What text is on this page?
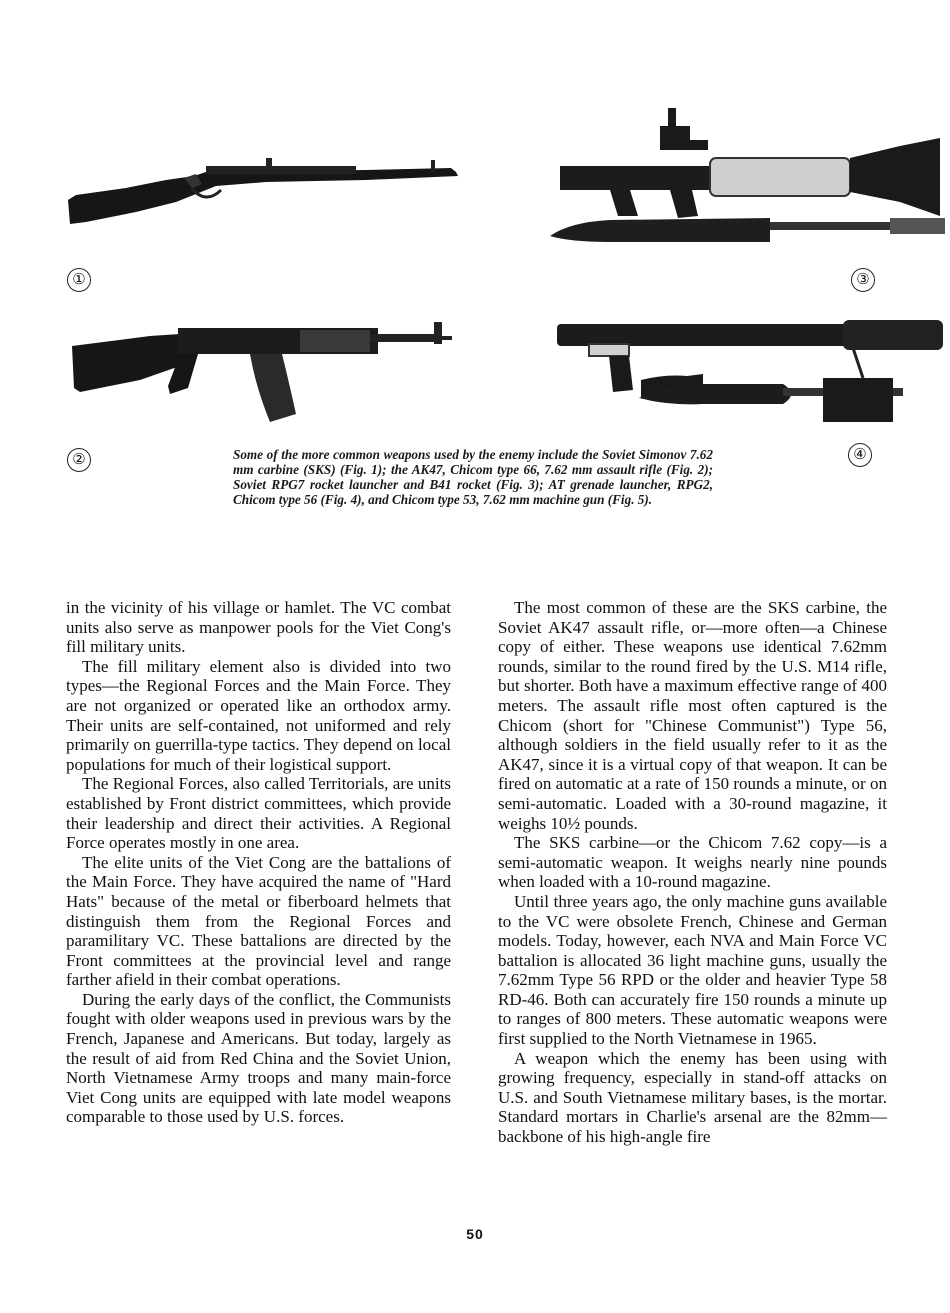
①
②
③
④
Some of the more common weapons used by the enemy include the Soviet Simonov 7.62 mm carbine (SKS) (Fig. 1); the AK47, Chicom type 66, 7.62 mm assault rifle (Fig. 2); Soviet RPG7 rocket launcher and B41 rocket (Fig. 3); AT grenade launcher, RPG2, Chicom type 56 (Fig. 4), and Chicom type 53, 7.62 mm machine gun (Fig. 5).

in the vicinity of his village or hamlet. The VC combat units also serve as manpower pools for the Viet Cong's fill military units.

The fill military element also is divided into two types—the Regional Forces and the Main Force. They are not organized or operated like an orthodox army. Their units are self-contained, not uniformed and rely primarily on guerrilla-type tactics. They depend on local populations for much of their logistical support.

The Regional Forces, also called Territorials, are units established by Front district committees, which provide their leadership and direct their activities. A Regional Force operates mostly in one area.

The elite units of the Viet Cong are the battalions of the Main Force. They have acquired the name of "Hard Hats" because of the metal or fiberboard helmets that distinguish them from the Regional Forces and paramilitary VC. These battalions are directed by the Front committees at the provincial level and range farther afield in their combat operations.

During the early days of the conflict, the Communists fought with older weapons used in previous wars by the French, Japanese and Americans. But today, largely as the result of aid from Red China and the Soviet Union, North Vietnamese Army troops and many main-force Viet Cong units are equipped with late model weapons comparable to those used by U.S. forces.

The most common of these are the SKS carbine, the Soviet AK47 assault rifle, or—more often—a Chinese copy of either. These weapons use identical 7.62mm rounds, similar to the round fired by the U.S. M14 rifle, but shorter. Both have a maximum effective range of 400 meters. The assault rifle most often captured is the Chicom (short for "Chinese Communist") Type 56, although soldiers in the field usually refer to it as the AK47, since it is a virtual copy of that weapon. It can be fired on automatic at a rate of 150 rounds a minute, or on semi-automatic. Loaded with a 30-round magazine, it weighs 10½ pounds.

The SKS carbine—or the Chicom 7.62 copy—is a semi-automatic weapon. It weighs nearly nine pounds when loaded with a 10-round magazine.

Until three years ago, the only machine guns available to the VC were obsolete French, Chinese and German models. Today, however, each NVA and Main Force VC battalion is allocated 36 light machine guns, usually the 7.62mm Type 56 RPD or the older and heavier Type 58 RD-46. Both can accurately fire 150 rounds a minute up to ranges of 800 meters. These automatic weapons were first supplied to the North Vietnamese in 1965.

A weapon which the enemy has been using with growing frequency, especially in stand-off attacks on U.S. and South Vietnamese military bases, is the mortar. Standard mortars in Charlie's arsenal are the 82mm—backbone of his high-angle fire

50
